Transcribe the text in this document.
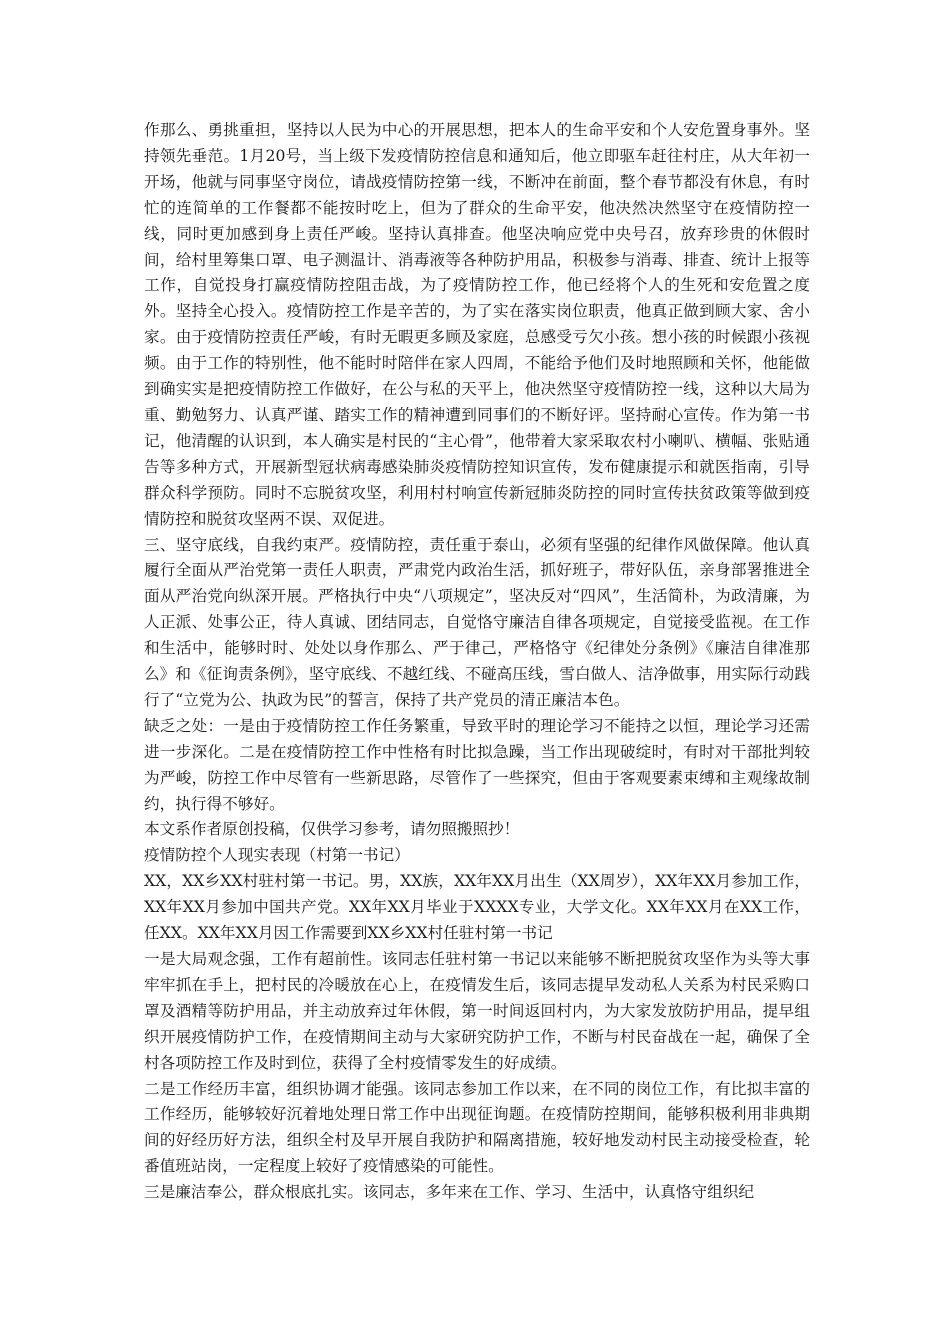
作那么、勇挑重担，坚持以人民为中心的开展思想，把本人的生命平安和个人安危置身事外。坚持领先垂范。1月20号，当上级下发疫情防控信息和通知后，他立即驱车赶往村庄，从大年初一开场，他就与同事坚守岗位，请战疫情防控第一线，不断冲在前面，整个春节都没有休息，有时忙的连简单的工作餐都不能按时吃上，但为了群众的生命平安，他决然决然坚守在疫情防控一线，同时更加感到身上责任严峻。坚持认真排查。他坚决响应党中央号召，放弃珍贵的休假时间，给村里筹集口罩、电子测温计、消毒液等各种防护用品，积极参与消毒、排查、统计上报等工作，自觉投身打赢疫情防控阻击战，为了疫情防控工作，他已经将个人的生死和安危置之度外。坚持全心投入。疫情防控工作是辛苦的，为了实在落实岗位职责，他真正做到顾大家、舍小家。由于疫情防控责任严峻，有时无暇更多顾及家庭，总感受亏欠小孩。想小孩的时候跟小孩视频。由于工作的特别性，他不能时时陪伴在家人四周，不能给予他们及时地照顾和关怀，他能做到确实实是把疫情防控工作做好，在公与私的天平上，他决然坚守疫情防控一线，这种以大局为重、勤勉努力、认真严谨、踏实工作的精神遭到同事们的不断好评。坚持耐心宣传。作为第一书记，他清醒的认识到，本人确实是村民的“主心骨”，他带着大家采取农村小喇叭、横幅、张贴通告等多种方式，开展新型冠状病毒感染肺炎疫情防控知识宣传，发布健康提示和就医指南，引导群众科学预防。同时不忘脱贫攻坚，利用村村响宣传新冠肺炎防控的同时宣传扶贫政策等做到疫情防控和脱贫攻坚两不误、双促进。

三、坚守底线，自我约束严。疫情防控，责任重于泰山，必须有坚强的纪律作风做保障。他认真履行全面从严治党第一责任人职责，严肃党内政治生活，抓好班子，带好队伍，亲身部署推进全面从严治党向纵深开展。严格执行中央“八项规定”，坚决反对“四风”，生活简朴，为政清廉，为人正派、处事公正，待人真诚、团结同志，自觉恪守廉洁自律各项规定，自觉接受监视。在工作和生活中，能够时时、处处以身作那么、严于律己，严格恪守《纪律处分条例》《廉洁自律准那么》和《征询责条例》，坚守底线、不越红线、不碰高压线，雪白做人、洁净做事，用实际行动践行了“立党为公、执政为民”的誓言，保持了共产党员的清正廉洁本色。

缺乏之处：一是由于疫情防控工作任务繁重，导致平时的理论学习不能持之以恒，理论学习还需进一步深化。二是在疫情防控工作中性格有时比拟急躁，当工作出现破绽时，有时对干部批判较为严峻，防控工作中尽管有一些新思路，尽管作了一些探究，但由于客观要素束缚和主观缘故制约，执行得不够好。

本文系作者原创投稿，仅供学习参考，请勿照搬照抄！

疫情防控个人现实表现（村第一书记）

XX，XX乡XX村驻村第一书记。男，XX族，XX年XX月出生（XX周岁），XX年XX月参加工作，XX年XX月参加中国共产党。XX年XX月毕业于XXXX专业，大学文化。XX年XX月在XX工作，任XX。XX年XX月因工作需要到XX乡XX村任驻村第一书记

一是大局观念强，工作有超前性。该同志任驻村第一书记以来能够不断把脱贫攻坚作为头等大事牢牢抓在手上，把村民的冷暖放在心上，在疫情发生后，该同志提早发动私人关系为村民采购口罩及酒精等防护用品，并主动放弃过年休假，第一时间返回村内，为大家发放防护用品，提早组织开展疫情防护工作，在疫情期间主动与大家研究防护工作，不断与村民奋战在一起，确保了全村各项防控工作及时到位，获得了全村疫情零发生的好成绩。

二是工作经历丰富，组织协调才能强。该同志参加工作以来，在不同的岗位工作，有比拟丰富的工作经历，能够较好沉着地处理日常工作中出现征询题。在疫情防控期间，能够积极利用非典期间的好经历好方法，组织全村及早开展自我防护和隔离措施，较好地发动村民主动接受检查，轮番值班站岗，一定程度上较好了疫情感染的可能性。

三是廉洁奉公，群众根底扎实。该同志，多年来在工作、学习、生活中，认真恪守组织纪
